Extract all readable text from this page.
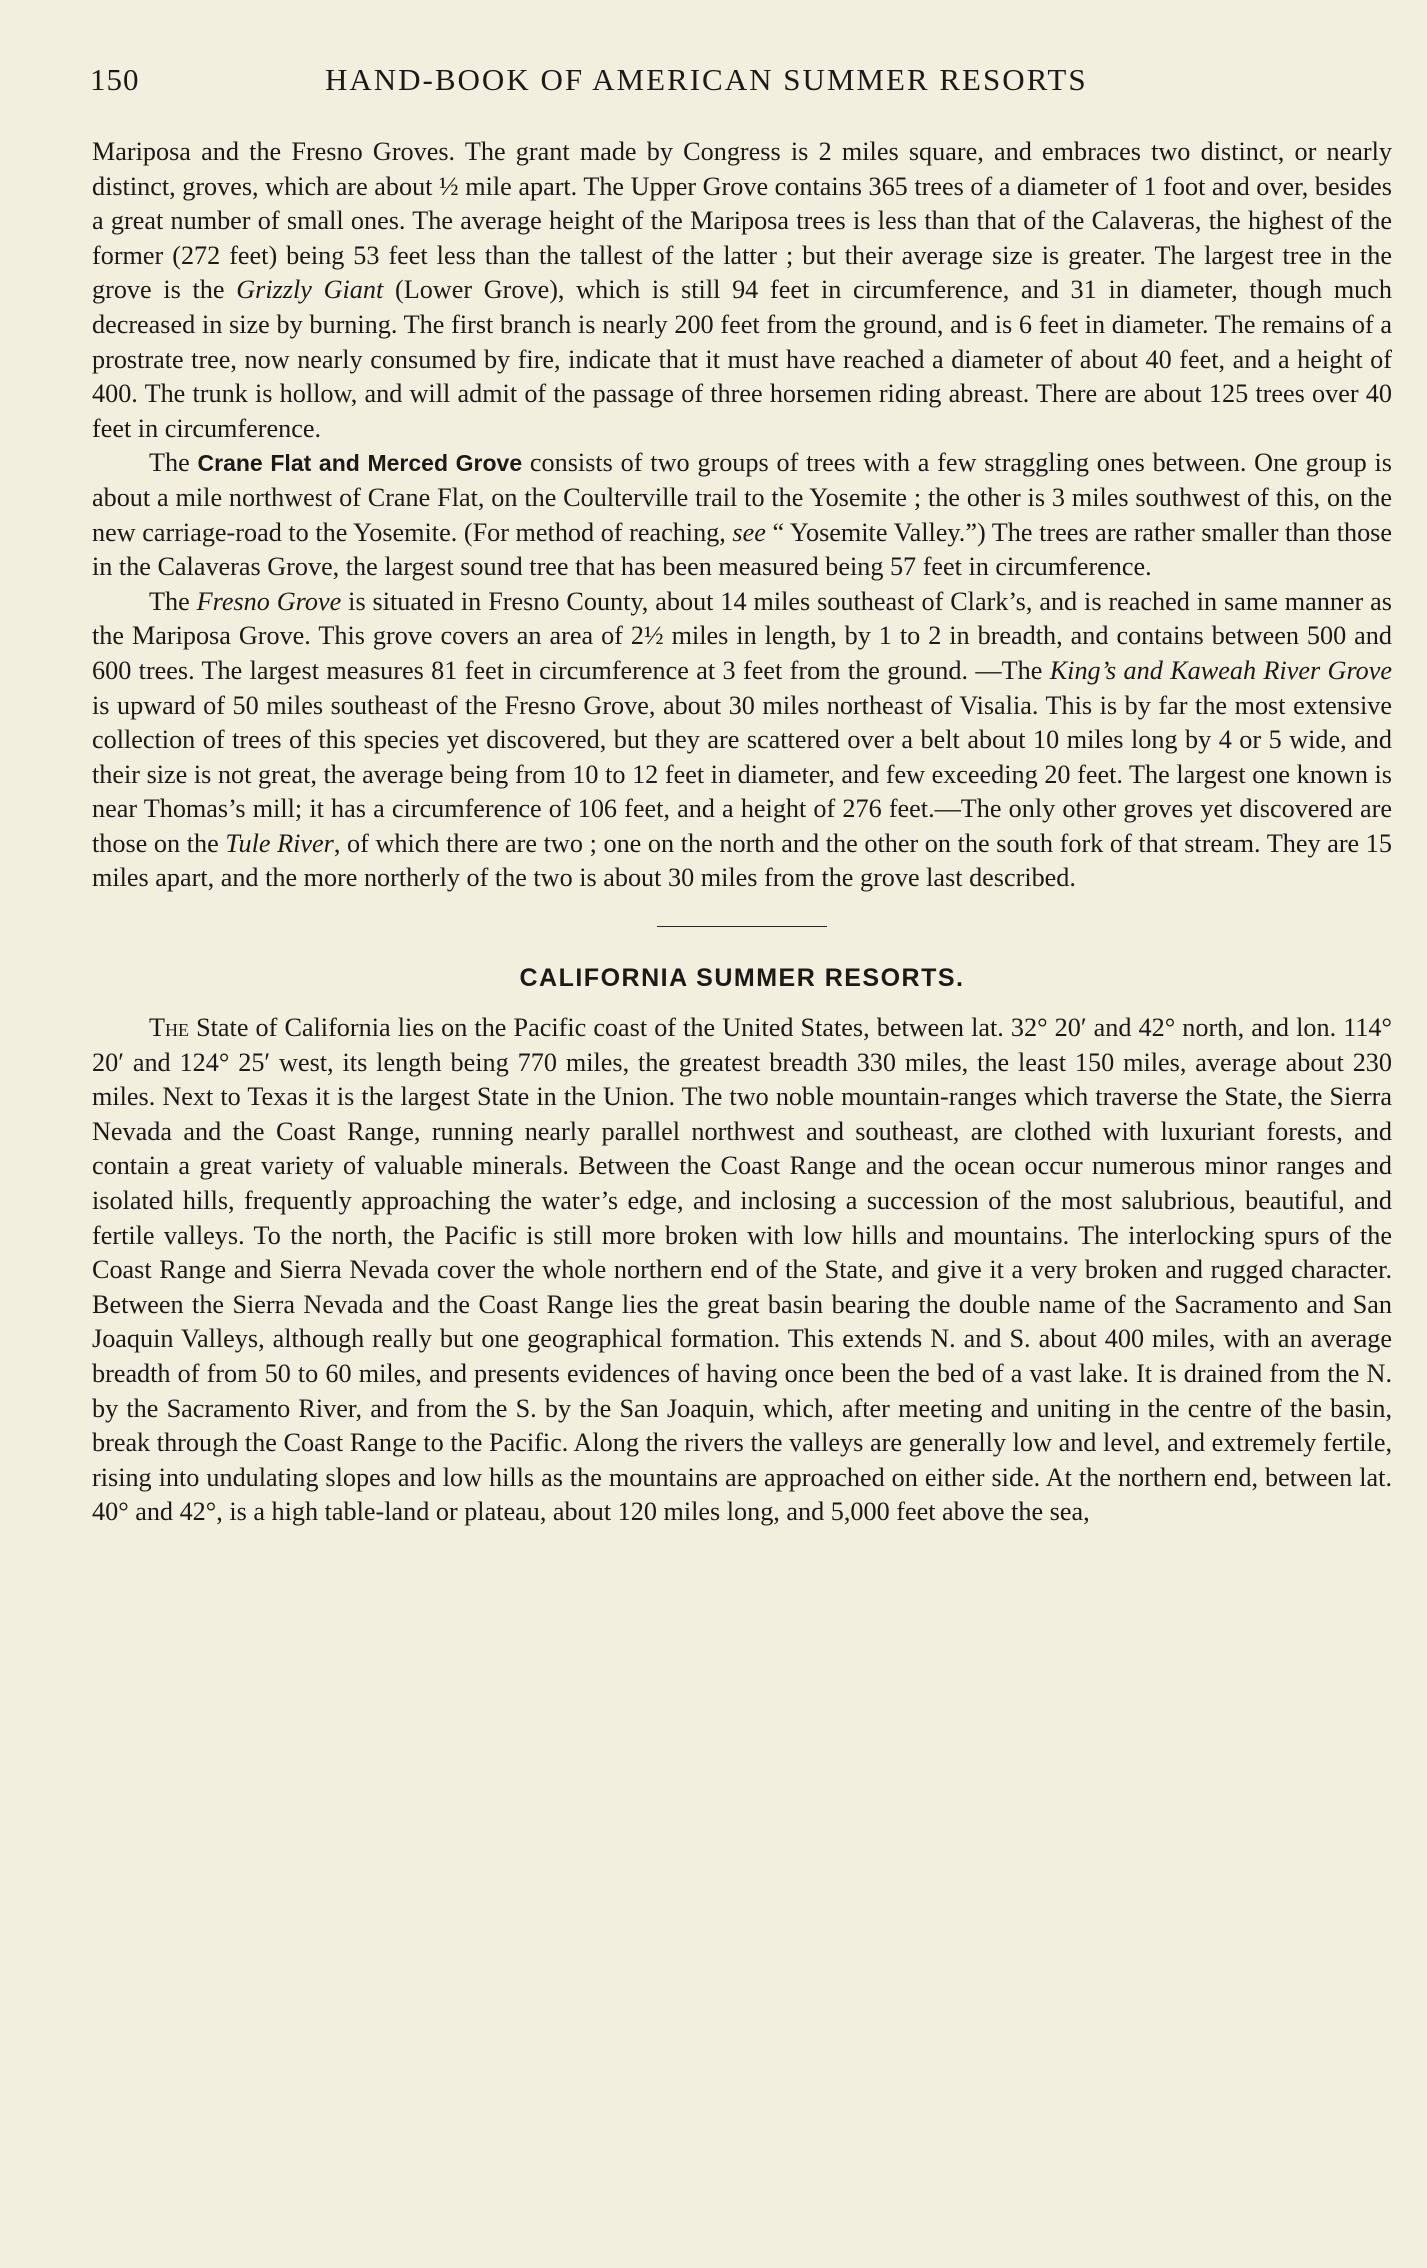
150	HAND-BOOK OF AMERICAN SUMMER RESORTS

Mariposa and the Fresno Groves. The grant made by Congress is 2 miles square, and embraces two distinct, or nearly distinct, groves, which are about ½ mile apart. The Upper Grove contains 365 trees of a diameter of 1 foot and over, besides a great number of small ones. The average height of the Mariposa trees is less than that of the Calaveras, the highest of the former (272 feet) being 53 feet less than the tallest of the latter ; but their average size is greater. The largest tree in the grove is the Grizzly Giant (Lower Grove), which is still 94 feet in circumference, and 31 in diameter, though much decreased in size by burning. The first branch is nearly 200 feet from the ground, and is 6 feet in diameter. The remains of a prostrate tree, now nearly consumed by fire, indicate that it must have reached a diameter of about 40 feet, and a height of 400. The trunk is hollow, and will admit of the passage of three horsemen riding abreast. There are about 125 trees over 40 feet in circumference.

The Crane Flat and Merced Grove consists of two groups of trees with a few straggling ones between. One group is about a mile northwest of Crane Flat, on the Coulterville trail to the Yosemite ; the other is 3 miles southwest of this, on the new carriage-road to the Yosemite. (For method of reaching, see “ Yosemite Valley.”) The trees are rather smaller than those in the Calaveras Grove, the largest sound tree that has been measured being 57 feet in circumference.

The Fresno Grove is situated in Fresno County, about 14 miles southeast of Clark’s, and is reached in same manner as the Mariposa Grove. This grove covers an area of 2½ miles in length, by 1 to 2 in breadth, and contains between 500 and 600 trees. The largest measures 81 feet in circumference at 3 feet from the ground. —The King’s and Kaweah River Grove is upward of 50 miles southeast of the Fresno Grove, about 30 miles northeast of Visalia. This is by far the most extensive collection of trees of this species yet discovered, but they are scattered over a belt about 10 miles long by 4 or 5 wide, and their size is not great, the average being from 10 to 12 feet in diameter, and few exceeding 20 feet. The largest one known is near Thomas’s mill; it has a circumference of 106 feet, and a height of 276 feet.—The only other groves yet discovered are those on the Tule River, of which there are two ; one on the north and the other on the south fork of that stream. They are 15 miles apart, and the more northerly of the two is about 30 miles from the grove last described.

CALIFORNIA SUMMER RESORTS.

The State of California lies on the Pacific coast of the United States, between lat. 32° 20′ and 42° north, and lon. 114° 20′ and 124° 25′ west, its length being 770 miles, the greatest breadth 330 miles, the least 150 miles, average about 230 miles. Next to Texas it is the largest State in the Union. The two noble mountain-ranges which traverse the State, the Sierra Nevada and the Coast Range, running nearly parallel northwest and southeast, are clothed with luxuriant forests, and contain a great variety of valuable minerals. Between the Coast Range and the ocean occur numerous minor ranges and isolated hills, frequently approaching the water’s edge, and inclosing a succession of the most salubrious, beautiful, and fertile valleys. To the north, the Pacific is still more broken with low hills and mountains. The interlocking spurs of the Coast Range and Sierra Nevada cover the whole northern end of the State, and give it a very broken and rugged character. Between the Sierra Nevada and the Coast Range lies the great basin bearing the double name of the Sacramento and San Joaquin Valleys, although really but one geographical formation. This extends N. and S. about 400 miles, with an average breadth of from 50 to 60 miles, and presents evidences of having once been the bed of a vast lake. It is drained from the N. by the Sacramento River, and from the S. by the San Joaquin, which, after meeting and uniting in the centre of the basin, break through the Coast Range to the Pacific. Along the rivers the valleys are generally low and level, and extremely fertile, rising into undulating slopes and low hills as the mountains are approached on either side. At the northern end, between lat. 40° and 42°, is a high table-land or plateau, about 120 miles long, and 5,000 feet above the sea,
